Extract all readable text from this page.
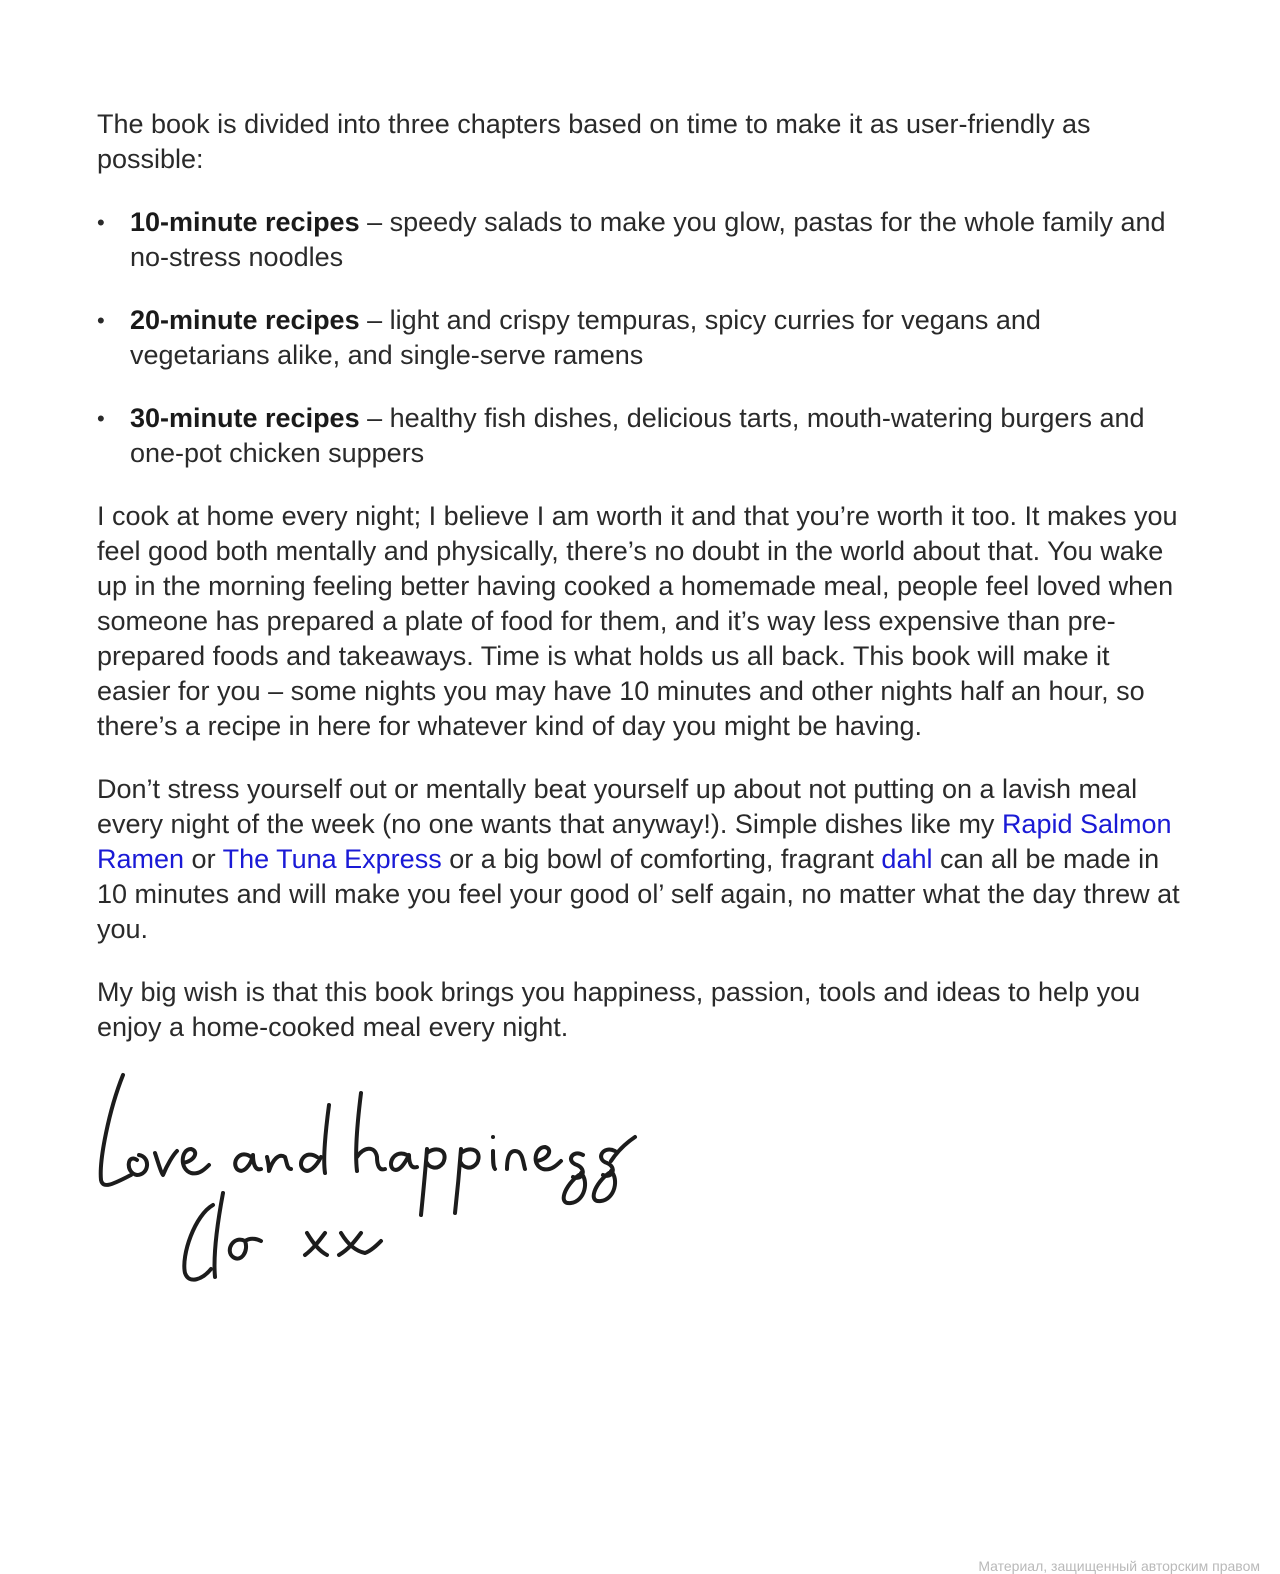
The book is divided into three chapters based on time to make it as user-friendly as possible:

• 10-minute recipes – speedy salads to make you glow, pastas for the whole family and no-stress noodles
• 20-minute recipes – light and crispy tempuras, spicy curries for vegans and vegetarians alike, and single-serve ramens
• 30-minute recipes – healthy fish dishes, delicious tarts, mouth-watering burgers and one-pot chicken suppers

I cook at home every night; I believe I am worth it and that you’re worth it too. It makes you feel good both mentally and physically, there’s no doubt in the world about that. You wake up in the morning feeling better having cooked a homemade meal, people feel loved when someone has prepared a plate of food for them, and it’s way less expensive than pre-prepared foods and takeaways. Time is what holds us all back. This book will make it easier for you – some nights you may have 10 minutes and other nights half an hour, so there’s a recipe in here for whatever kind of day you might be having.

Don’t stress yourself out or mentally beat yourself up about not putting on a lavish meal every night of the week (no one wants that anyway!). Simple dishes like my Rapid Salmon Ramen or The Tuna Express or a big bowl of comforting, fragrant dahl can all be made in 10 minutes and will make you feel your good ol’ self again, no matter what the day threw at you.

My big wish is that this book brings you happiness, passion, tools and ideas to help you enjoy a home-cooked meal every night.

Материал, защищенный авторским правом
